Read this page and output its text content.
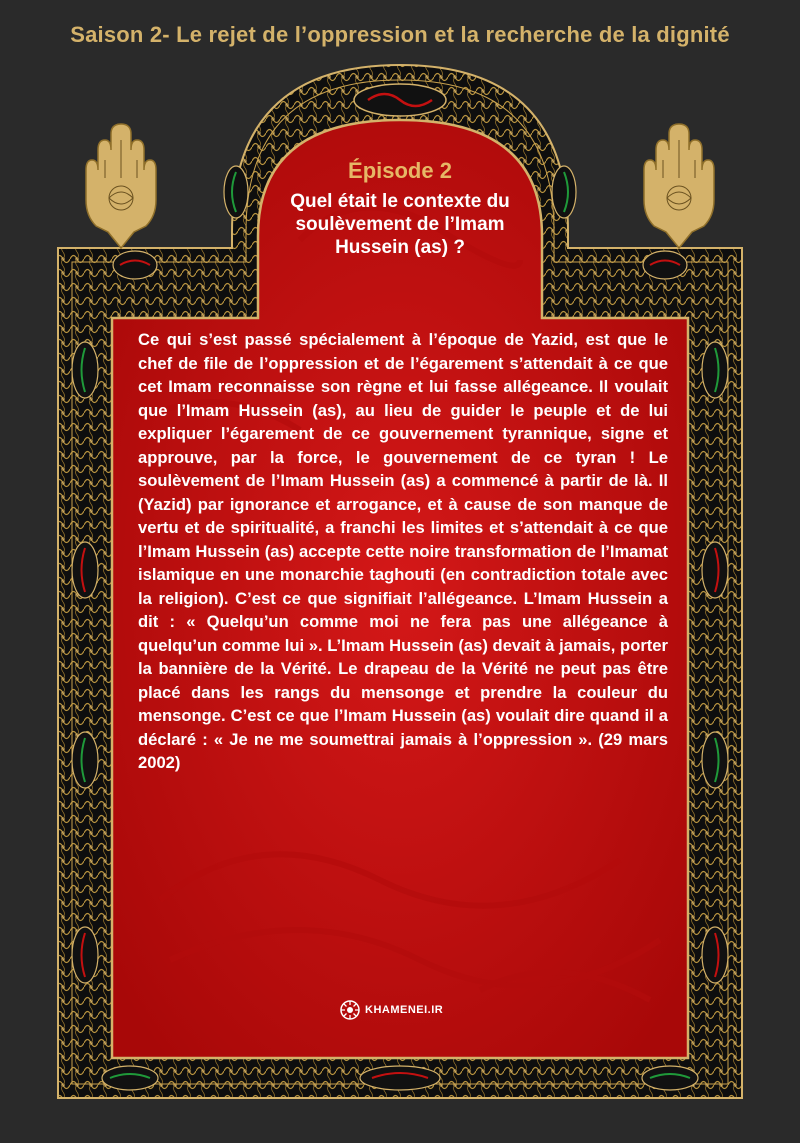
Saison 2- Le rejet de l’oppression et la recherche de la dignité
Épisode 2
Quel était le contexte du soulèvement de l’Imam Hussein (as) ?
Ce qui s’est passé spécialement à l’époque de Yazid, est que le chef de file de l’oppression et de l’égarement s’attendait à ce que cet Imam reconnaisse son règne et lui fasse allégeance. Il voulait que l’Imam Hussein (as), au lieu de guider le peuple et de lui expliquer l’égarement de ce gouvernement tyrannique, signe et approuve, par la force, le gouvernement de ce tyran ! Le soulèvement de l’Imam Hussein (as) a commencé à partir de là. Il (Yazid) par ignorance et arrogance, et à cause de son manque de vertu et de spiritualité, a franchi les limites et s’attendait à ce que l’Imam Hussein (as) accepte cette noire transformation de l’Imamat islamique en une monarchie taghouti (en contradiction totale avec la religion). C’est ce que signifiait l’allégeance. L’Imam Hussein a dit : « Quelqu’un comme moi ne fera pas une allégeance à quelqu’un comme lui ». L’Imam Hussein (as) devait à jamais, porter la bannière de la Vérité. Le drapeau de la Vérité ne peut pas être placé dans les rangs du mensonge et prendre la couleur du mensonge. C’est ce que l’Imam Hussein (as) voulait dire quand il a déclaré : « Je ne me soumettrai jamais à l’oppression ». (29 mars 2002)
KHAMENEI.IR
